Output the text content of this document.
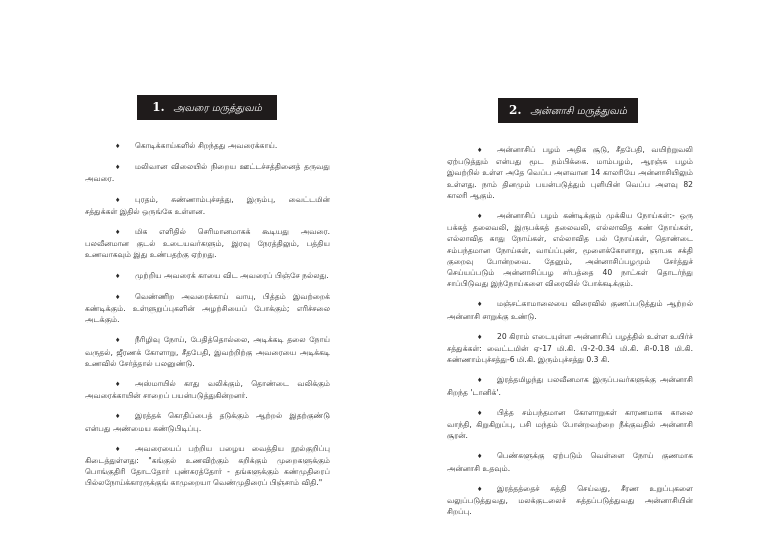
1. அவரை மருத்துவம்	2. அன்னாசி மருத்துவம்

♦ கொடிக்காய்களில் சிறந்தது அவரைக்காய்.

♦ மலிவான விலையில் நிறைய ஊட்டச்சத்தினைத் தருவது அவரை.

♦ புரதம், சுண்ணாம்புச்சத்து, இரும்பு, வைட்டமின் சத்துக்கள் இதில் ஒருங்கே உள்ளன.

♦ மிக எளிதில் செரிமானமாகக் கூடியது அவரை. பலவீனமான குடல் உடையவர்களும், இரவு நேரத்திலும், பத்திய உணவாகவும் இது உண்பதற்கு ஏற்றது.

♦ முற்றிய அவரைக் காயை விட அவரைப் பிஞ்சே நல்லது.

♦ வெண்ணிற அவரைக்காய் வாயு, பித்தம் இவற்றைக் கண்டிக்கும். உள்ளுறுப்புகளின் அழற்சியைப் போக்கும்; எரிச்சலை அடக்கும்.

♦ நீரிழிவு நோய், பேதித்தொல்லை, அடிக்கடி தலை நோய் வருதல், ஜீரணக் கோளாறு, சீதபேதி, இவற்றிற்கு அவரையை அடிக்கடி உணவில் சேர்த்தால் பலனுண்டு.

♦ அஸ்மாயில் காது வலிக்கும், தொண்டை வலிக்கும் அவரைக்காயின் சாறைப் பயன்படுத்துகின்றனர்.

♦ இரத்தக் கொதிப்பைத் தடுக்கும் ஆற்றல் இதற்குண்டு என்பது அண்மைய கண்டுபிடிப்பு.

♦ அவரையைப் பற்றிய பழைய வைத்திய நூல்குறிப்பு கிடைத்துள்ளது: "கங்குல் உணவிற்கும் கறிக்கும் முறைகளுக்கும் பொங்குதிரி தோடதோர் புண்சுரத்தோர் - தங்களுக்கும் கண்முதிரைப் பில்லநோய்க்காரருக்குங் காமுறையா வெண்முதிரைப் பிஞ்சாம் விதி."

♦ அன்னாசிப் பழம் அதிக சூடு, சீதபேதி, வயிற்றுவலி ஏற்படுத்தும் என்பது மூட நம்பிக்கை. மாம்பழம், ஆரஞ்சு பழம் இவற்றில் உள்ள அதே வெப்ப அளவான 14 காலரியே அன்னாசியிலும் உள்ளது. நாம் தினமும் பயன்படுத்தும் புளியின் வெப்ப அளவு 82 காலரி ஆகும்.

♦ அன்னாசிப் பழம் கண்டிக்கும் முக்கிய நோய்கள்:- ஒரு பக்கத் தலைவலி, இருபக்கத் தலைவலி, எல்லாவித கண் நோய்கள், எல்லாவித காது நோய்கள், எல்லாவித பல் நோய்கள், தொண்டை சம்பந்தமான நோய்கள், வாய்ப்புண், மூளைக்கோளாறு, ஞாபக சக்தி குறைவு போன்றவை. தேனும், அன்னாசிப்பழமும் சேர்த்துச் செய்யப்படும் அன்னாசிப்பழ சர்பத்தை 40 நாட்கள் தொடர்ந்து சாப்பிடுவது இந்நோய்களை விரைவில் போக்கடிக்கும்.

♦ மஞ்சட்காமாலையை விரைவில் குணப்படுத்தும் ஆற்றல் அன்னாசி சாறுக்கு உண்டு.

♦ 20 கிராம் எடையுள்ள அன்னாசிப் பழத்தில் உள்ள உயிர்ச் சத்துக்கள்: வைட்டமின் ஏ-17 மி.கி. பி-2-0.34 மி.கி. சி-0.18 மி.கி. சுண்ணாம்புச்சத்து-6 மி.கி. இரும்புச்சத்து 0.3 கி.

♦ இரத்தமிழந்து பலவீனமாக இருப்பவர்களுக்கு அன்னாசி சிறந்த 'டானிக்'.

♦ பித்த சம்பந்தமான கோளாறுகள் காரணமாக காலை வாந்தி, கிறுகிறுப்பு, பசி மந்தம் போன்றவற்றை நீக்குவதில் அன்னாசி சூரன்.

♦ பெண்களுக்கு ஏற்படும் வெள்ளை நோய் குணமாக அன்னாசி உதவும்.

♦ இரத்தத்தைச் சுத்தி செய்வது, சீரண உறுப்புகளை வலுப்படுத்துவது, மலக்குடலைச் சுத்தப்படுத்துவது அன்னாசியின் சிறப்பு.
